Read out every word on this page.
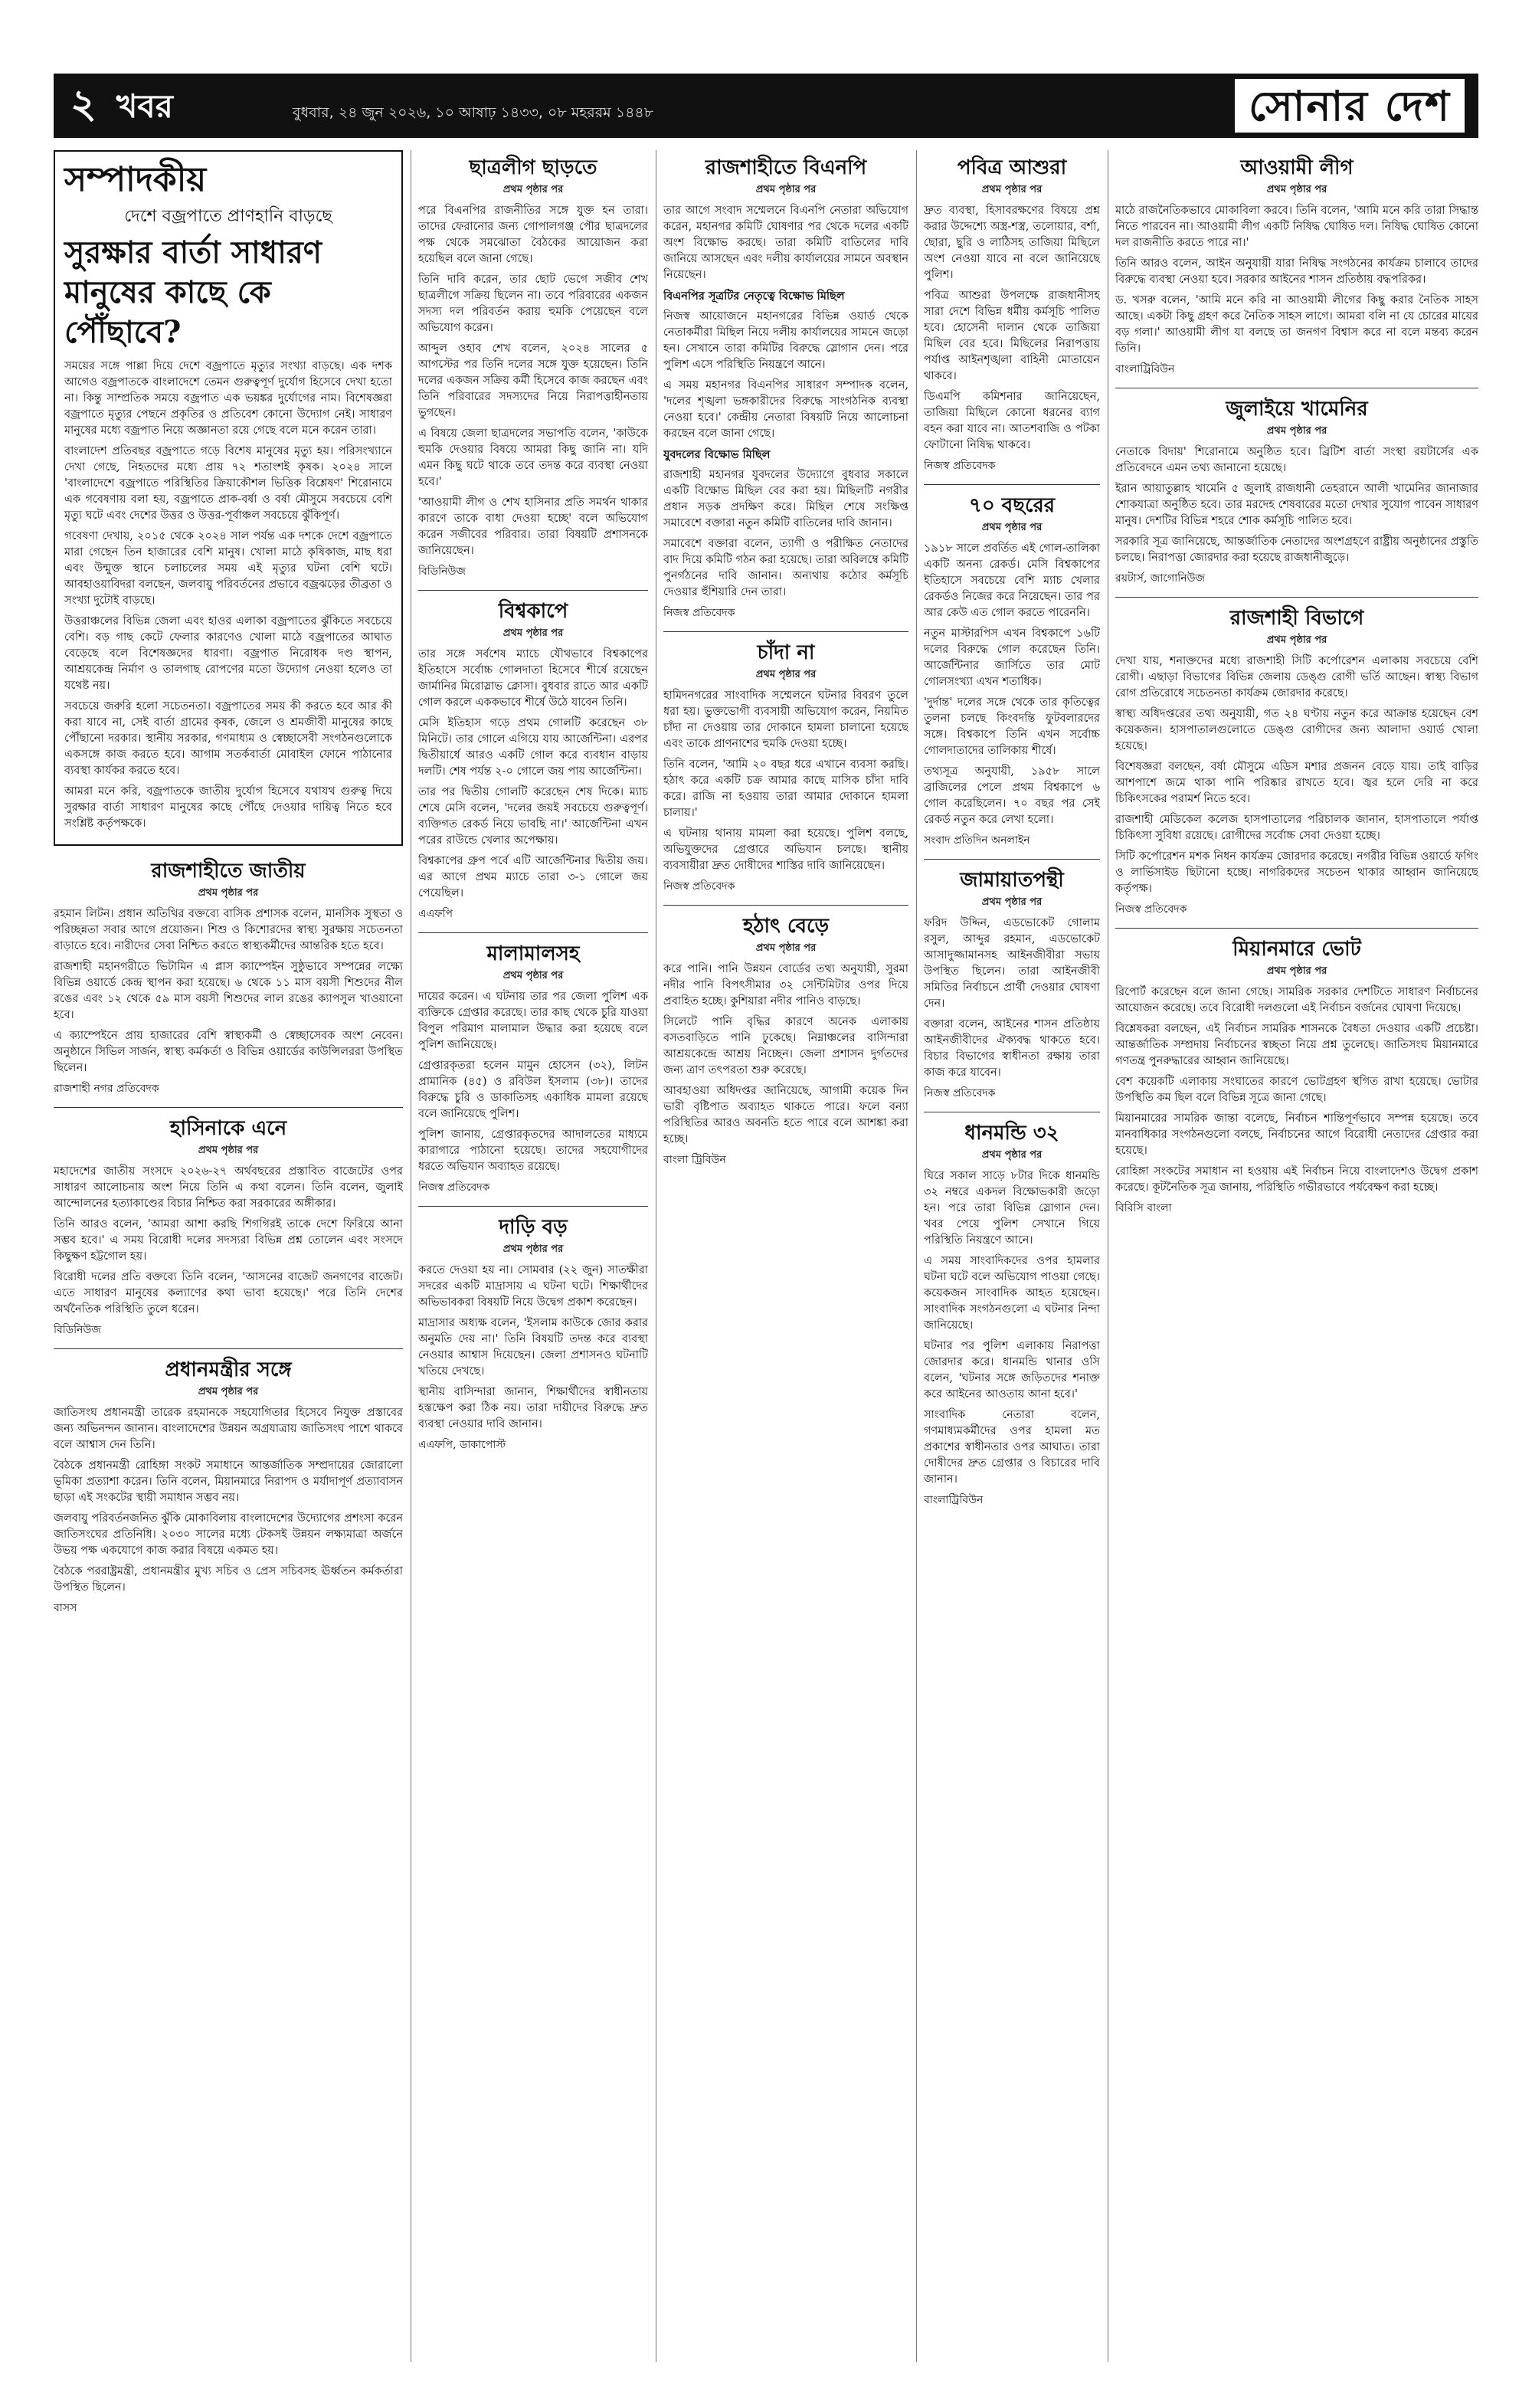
২ খবর	বুধবার, ২৪ জুন ২০২৬, ১০ আষাঢ় ১৪৩৩, ০৮ মহররম ১৪৪৮	সোনার দেশ
সম্পাদকীয়
দেশে বজ্রপাতে প্রাণহানি বাড়ছে
সুরক্ষার বার্তা সাধারণ মানুষের কাছে কে পৌঁছাবে?

সময়ের সঙ্গে পাল্লা দিয়ে দেশে বজ্রপাতে মৃত্যুর সংখ্যা বাড়ছে। এক দশক আগেও বজ্রপাতকে বাংলাদেশে তেমন গুরুত্বপূর্ণ দুর্যোগ হিসেবে দেখা হতো না। কিন্তু সাম্প্রতিক সময়ে বজ্রপাত এক ভয়ঙ্কর দুর্যোগের নাম। বিশেষজ্ঞরা বজ্রপাতে মৃত্যুর পেছনে প্রকৃতির ও প্রতিবেশ কোনো উদ্যোগ নেই। সাধারণ মানুষের মধ্যে বজ্রপাত নিয়ে অজ্ঞানতা রয়ে গেছে বলে মনে করেন তারা।

বাংলাদেশ প্রতিবছর বজ্রপাতে গড়ে বিশেষ মানুষের মৃত্যু হয়। পরিসংখ্যানে দেখা গেছে, নিহতদের মধ্যে প্রায় ৭২ শতাংশই কৃষক। ২০২৪ সালে 'বাংলাদেশে বজ্রপাতে পরিস্থিতির ক্রিয়াকৌশল ভিত্তিক বিশ্লেষণ' শিরোনামে এক গবেষণায় বলা হয়, বজ্রপাতে প্রাক-বর্ষা ও বর্ষা মৌসুমে সবচেয়ে বেশি মৃত্যু ঘটে এবং দেশের উত্তর ও উত্তর-পূর্বাঞ্চল সবচেয়ে ঝুঁকিপূর্ণ।

গবেষণা দেখায়, ২০১৫ থেকে ২০২৪ সাল পর্যন্ত এক দশকে দেশে বজ্রপাতে মারা গেছেন তিন হাজারের বেশি মানুষ। খোলা মাঠে কৃষিকাজ, মাছ ধরা এবং উন্মুক্ত স্থানে চলাচলের সময় এই মৃত্যুর ঘটনা বেশি ঘটে। আবহাওয়াবিদরা বলছেন, জলবায়ু পরিবর্তনের প্রভাবে বজ্রঝড়ের তীব্রতা ও সংখ্যা দুটোই বাড়ছে।

উত্তরাঞ্চলের বিভিন্ন জেলা এবং হাওর এলাকা বজ্রপাতের ঝুঁকিতে সবচেয়ে বেশি। বড় গাছ কেটে ফেলার কারণেও খোলা মাঠে বজ্রপাতের আঘাত বেড়েছে বলে বিশেষজ্ঞদের ধারণা। বজ্রপাত নিরোধক দণ্ড স্থাপন, আশ্রয়কেন্দ্র নির্মাণ ও তালগাছ রোপণের মতো উদ্যোগ নেওয়া হলেও তা যথেষ্ট নয়।

সবচেয়ে জরুরি হলো সচেতনতা। বজ্রপাতের সময় কী করতে হবে আর কী করা যাবে না, সেই বার্তা গ্রামের কৃষক, জেলে ও শ্রমজীবী মানুষের কাছে পৌঁছানো দরকার। স্থানীয় সরকার, গণমাধ্যম ও স্বেচ্ছাসেবী সংগঠনগুলোকে একসঙ্গে কাজ করতে হবে। আগাম সতর্কবার্তা মোবাইল ফোনে পাঠানোর ব্যবস্থা কার্যকর করতে হবে।

আমরা মনে করি, বজ্রপাতকে জাতীয় দুর্যোগ হিসেবে যথাযথ গুরুত্ব দিয়ে সুরক্ষার বার্তা সাধারণ মানুষের কাছে পৌঁছে দেওয়ার দায়িত্ব নিতে হবে সংশ্লিষ্ট কর্তৃপক্ষকে।

রাজশাহীতে জাতীয়
প্রথম পৃষ্ঠার পর

রহমান লিটন। প্রধান অতিথির বক্তব্যে বাসিক প্রশাসক বলেন, মানসিক সুস্থতা ও পরিচ্ছন্নতা সবার আগে প্রয়োজন। শিশু ও কিশোরদের স্বাস্থ্য সুরক্ষায় সচেতনতা বাড়াতে হবে। নারীদের সেবা নিশ্চিত করতে স্বাস্থ্যকর্মীদের আন্তরিক হতে হবে।

রাজশাহী মহানগরীতে ভিটামিন এ প্লাস ক্যাম্পেইন সুষ্ঠুভাবে সম্পন্নের লক্ষ্যে বিভিন্ন ওয়ার্ডে কেন্দ্র স্থাপন করা হয়েছে। ৬ থেকে ১১ মাস বয়সী শিশুদের নীল রঙের এবং ১২ থেকে ৫৯ মাস বয়সী শিশুদের লাল রঙের ক্যাপসুল খাওয়ানো হবে।

এ ক্যাম্পেইনে প্রায় হাজারের বেশি স্বাস্থ্যকর্মী ও স্বেচ্ছাসেবক অংশ নেবেন। অনুষ্ঠানে সিভিল সার্জন, স্বাস্থ্য কর্মকর্তা ও বিভিন্ন ওয়ার্ডের কাউন্সিলররা উপস্থিত ছিলেন।

রাজশাহী নগর প্রতিবেদক
হাসিনাকে এনে
প্রথম পৃষ্ঠার পর

মহাদেশের জাতীয় সংসদে ২০২৬-২৭ অর্থবছরের প্রস্তাবিত বাজেটের ওপর সাধারণ আলোচনায় অংশ নিয়ে তিনি এ কথা বলেন। তিনি বলেন, জুলাই আন্দোলনের হত্যাকাণ্ডের বিচার নিশ্চিত করা সরকারের অঙ্গীকার।

তিনি আরও বলেন, 'আমরা আশা করছি শিগগিরই তাকে দেশে ফিরিয়ে আনা সম্ভব হবে।' এ সময় বিরোধী দলের সদস্যরা বিভিন্ন প্রশ্ন তোলেন এবং সংসদে কিছুক্ষণ হট্টগোল হয়।

বিরোধী দলের প্রতি বক্তব্যে তিনি বলেন, 'আসনের বাজেট জনগণের বাজেট। এতে সাধারণ মানুষের কল্যাণের কথা ভাবা হয়েছে।' পরে তিনি দেশের অর্থনৈতিক পরিস্থিতি তুলে ধরেন।

বিডিনিউজ
প্রধানমন্ত্রীর সঙ্গে
প্রথম পৃষ্ঠার পর

জাতিসংঘ প্রধানমন্ত্রী তারেক রহমানকে সহযোগিতার হিসেবে নিযুক্ত প্রস্তাবের জন্য অভিনন্দন জানান। বাংলাদেশের উন্নয়ন অগ্রযাত্রায় জাতিসংঘ পাশে থাকবে বলে আশ্বাস দেন তিনি।

বৈঠকে প্রধানমন্ত্রী রোহিঙ্গা সংকট সমাধানে আন্তর্জাতিক সম্প্রদায়ের জোরালো ভূমিকা প্রত্যাশা করেন। তিনি বলেন, মিয়ানমারে নিরাপদ ও মর্যাদাপূর্ণ প্রত্যাবাসন ছাড়া এই সংকটের স্থায়ী সমাধান সম্ভব নয়।

জলবায়ু পরিবর্তনজনিত ঝুঁকি মোকাবিলায় বাংলাদেশের উদ্যোগের প্রশংসা করেন জাতিসংঘের প্রতিনিধি। ২০৩০ সালের মধ্যে টেকসই উন্নয়ন লক্ষ্যমাত্রা অর্জনে উভয় পক্ষ একযোগে কাজ করার বিষয়ে একমত হয়।

বৈঠকে পররাষ্ট্রমন্ত্রী, প্রধানমন্ত্রীর মুখ্য সচিব ও প্রেস সচিবসহ ঊর্ধ্বতন কর্মকর্তারা উপস্থিত ছিলেন।

বাসস
ছাত্রলীগ ছাড়তে
প্রথম পৃষ্ঠার পর

পরে বিএনপির রাজনীতির সঙ্গে যুক্ত হন তারা। তাদের ফেরানোর জন্য গোপালগঞ্জ পৌর ছাত্রদলের পক্ষ থেকে সমঝোতা বৈঠকের আয়োজন করা হয়েছিল বলে জানা গেছে।

তিনি দাবি করেন, তার ছোট ভেগে সজীব শেখ ছাত্রলীগে সক্রিয় ছিলেন না। তবে পরিবারের একজন সদস্য দল পরিবর্তন করায় হুমকি পেয়েছেন বলে অভিযোগ করেন।

আব্দুল ওহাব শেখ বলেন, ২০২৪ সালের ৫ আগস্টের পর তিনি দলের সঙ্গে যুক্ত হয়েছেন। তিনি দলের একজন সক্রিয় কর্মী হিসেবে কাজ করছেন এবং তিনি পরিবারের সদস্যদের নিয়ে নিরাপত্তাহীনতায় ভুগছেন।

এ বিষয়ে জেলা ছাত্রদলের সভাপতি বলেন, 'কাউকে হুমকি দেওয়ার বিষয়ে আমরা কিছু জানি না। যদি এমন কিছু ঘটে থাকে তবে তদন্ত করে ব্যবস্থা নেওয়া হবে।'

'আওয়ামী লীগ ও শেখ হাসিনার প্রতি সমর্থন থাকার কারণে তাকে বাধা দেওয়া হচ্ছে' বলে অভিযোগ করেন সজীবের পরিবার। তারা বিষয়টি প্রশাসনকে জানিয়েছেন।

বিডিনিউজ
বিশ্বকাপে
প্রথম পৃষ্ঠার পর

তার সঙ্গে সর্বশেষ ম্যাচে যৌথভাবে বিশ্বকাপের ইতিহাসে সর্বোচ্চ গোলদাতা হিসেবে শীর্ষে রয়েছেন জার্মানির মিরোস্লাভ ক্লোসা। বুধবার রাতে আর একটি গোল করলে এককভাবে শীর্ষে উঠে যাবেন তিনি।

মেসি ইতিহাস গড়ে প্রথম গোলটি করেছেন ৩৮ মিনিটে। তার গোলে এগিয়ে যায় আর্জেন্টিনা। এরপর দ্বিতীয়ার্ধে আরও একটি গোল করে ব্যবধান বাড়ায় দলটি। শেষ পর্যন্ত ২-০ গোলে জয় পায় আর্জেন্টিনা।

তার পর দ্বিতীয় গোলটি করেছেন শেষ দিকে। ম্যাচ শেষে মেসি বলেন, 'দলের জয়ই সবচেয়ে গুরুত্বপূর্ণ। ব্যক্তিগত রেকর্ড নিয়ে ভাবছি না।' আর্জেন্টিনা এখন পরের রাউন্ডে খেলার অপেক্ষায়।

বিশ্বকাপের গ্রুপ পর্বে এটি আর্জেন্টিনার দ্বিতীয় জয়। এর আগে প্রথম ম্যাচে তারা ৩-১ গোলে জয় পেয়েছিল।

এএফপি
মালামালসহ
প্রথম পৃষ্ঠার পর

দায়ের করেন। এ ঘটনায় তার পর জেলা পুলিশ এক ব্যক্তিকে গ্রেপ্তার করেছে। তার কাছ থেকে চুরি যাওয়া বিপুল পরিমাণ মালামাল উদ্ধার করা হয়েছে বলে পুলিশ জানিয়েছে।

গ্রেপ্তারকৃতরা হলেন মামুন হোসেন (৩২), লিটন প্রামানিক (৪৫) ও রবিউল ইসলাম (৩৮)। তাদের বিরুদ্ধে চুরি ও ডাকাতিসহ একাধিক মামলা রয়েছে বলে জানিয়েছে পুলিশ।

পুলিশ জানায়, গ্রেপ্তারকৃতদের আদালতের মাধ্যমে কারাগারে পাঠানো হয়েছে। তাদের সহযোগীদের ধরতে অভিযান অব্যাহত রয়েছে।

নিজস্ব প্রতিবেদক
দাড়ি বড়
প্রথম পৃষ্ঠার পর

করতে দেওয়া হয় না। সোমবার (২২ জুন) সাতক্ষীরা সদরের একটি মাদ্রাসায় এ ঘটনা ঘটে। শিক্ষার্থীদের অভিভাবকরা বিষয়টি নিয়ে উদ্বেগ প্রকাশ করেছেন।

মাদ্রাসার অধ্যক্ষ বলেন, 'ইসলাম কাউকে জোর করার অনুমতি দেয় না।' তিনি বিষয়টি তদন্ত করে ব্যবস্থা নেওয়ার আশ্বাস দিয়েছেন। জেলা প্রশাসনও ঘটনাটি খতিয়ে দেখছে।

স্থানীয় বাসিন্দারা জানান, শিক্ষার্থীদের স্বাধীনতায় হস্তক্ষেপ করা ঠিক নয়। তারা দায়ীদের বিরুদ্ধে দ্রুত ব্যবস্থা নেওয়ার দাবি জানান।

এএফপি, ডাকাপোস্ট
রাজশাহীতে বিএনপি
প্রথম পৃষ্ঠার পর

তার আগে সংবাদ সম্মেলনে বিএনপি নেতারা অভিযোগ করেন, মহানগর কমিটি ঘোষণার পর থেকে দলের একটি অংশ বিক্ষোভ করছে। তারা কমিটি বাতিলের দাবি জানিয়ে আসছেন এবং দলীয় কার্যালয়ের সামনে অবস্থান নিয়েছেন।

বিএনপির সূত্রটির নেতৃত্বে বিক্ষোভ মিছিল

নিজস্ব আয়োজনে মহানগরের বিভিন্ন ওয়ার্ড থেকে নেতাকর্মীরা মিছিল নিয়ে দলীয় কার্যালয়ের সামনে জড়ো হন। সেখানে তারা কমিটির বিরুদ্ধে স্লোগান দেন। পরে পুলিশ এসে পরিস্থিতি নিয়ন্ত্রণে আনে।

এ সময় মহানগর বিএনপির সাধারণ সম্পাদক বলেন, 'দলের শৃঙ্খলা ভঙ্গকারীদের বিরুদ্ধে সাংগঠনিক ব্যবস্থা নেওয়া হবে।' কেন্দ্রীয় নেতারা বিষয়টি নিয়ে আলোচনা করছেন বলে জানা গেছে।

যুবদলের বিক্ষোভ মিছিল

রাজশাহী মহানগর যুবদলের উদ্যোগে বুধবার সকালে একটি বিক্ষোভ মিছিল বের করা হয়। মিছিলটি নগরীর প্রধান সড়ক প্রদক্ষিণ করে। মিছিল শেষে সংক্ষিপ্ত সমাবেশে বক্তারা নতুন কমিটি বাতিলের দাবি জানান।

সমাবেশে বক্তারা বলেন, ত্যাগী ও পরীক্ষিত নেতাদের বাদ দিয়ে কমিটি গঠন করা হয়েছে। তারা অবিলম্বে কমিটি পুনর্গঠনের দাবি জানান। অন্যথায় কঠোর কর্মসূচি দেওয়ার হুঁশিয়ারি দেন তারা।

নিজস্ব প্রতিবেদক
চাঁদা না
প্রথম পৃষ্ঠার পর

হামিদনগরের সাংবাদিক সম্মেলনে ঘটনার বিবরণ তুলে ধরা হয়। ভুক্তভোগী ব্যবসায়ী অভিযোগ করেন, নিয়মিত চাঁদা না দেওয়ায় তার দোকানে হামলা চালানো হয়েছে এবং তাকে প্রাণনাশের হুমকি দেওয়া হচ্ছে।

তিনি বলেন, 'আমি ২০ বছর ধরে এখানে ব্যবসা করছি। হঠাৎ করে একটি চক্র আমার কাছে মাসিক চাঁদা দাবি করে। রাজি না হওয়ায় তারা আমার দোকানে হামলা চালায়।'

এ ঘটনায় থানায় মামলা করা হয়েছে। পুলিশ বলছে, অভিযুক্তদের গ্রেপ্তারে অভিযান চলছে। স্থানীয় ব্যবসায়ীরা দ্রুত দোষীদের শাস্তির দাবি জানিয়েছেন।

নিজস্ব প্রতিবেদক
হঠাৎ বেড়ে
প্রথম পৃষ্ঠার পর

করে পানি। পানি উন্নয়ন বোর্ডের তথ্য অনুযায়ী, সুরমা নদীর পানি বিপৎসীমার ৩২ সেন্টিমিটার ওপর দিয়ে প্রবাহিত হচ্ছে। কুশিয়ারা নদীর পানিও বাড়ছে।

সিলেটে পানি বৃদ্ধির কারণে অনেক এলাকায় বসতবাড়িতে পানি ঢুকেছে। নিম্নাঞ্চলের বাসিন্দারা আশ্রয়কেন্দ্রে আশ্রয় নিচ্ছেন। জেলা প্রশাসন দুর্গতদের জন্য ত্রাণ তৎপরতা শুরু করেছে।

আবহাওয়া অধিদপ্তর জানিয়েছে, আগামী কয়েক দিন ভারী বৃষ্টিপাত অব্যাহত থাকতে পারে। ফলে বন্যা পরিস্থিতির আরও অবনতি হতে পারে বলে আশঙ্কা করা হচ্ছে।

বাংলা ট্রিবিউন
পবিত্র আশুরা
প্রথম পৃষ্ঠার পর

দ্রুত ব্যবস্থা, হিসাবরক্ষণের বিষয়ে প্রশ্ন করার উদ্দেশ্যে অস্ত্র-শস্ত্র, তলোয়ার, বর্শা, ছোরা, ছুরি ও লাঠিসহ তাজিয়া মিছিলে অংশ নেওয়া যাবে না বলে জানিয়েছে পুলিশ।

পবিত্র আশুরা উপলক্ষে রাজধানীসহ সারা দেশে বিভিন্ন ধর্মীয় কর্মসূচি পালিত হবে। হোসেনী দালান থেকে তাজিয়া মিছিল বের হবে। মিছিলের নিরাপত্তায় পর্যাপ্ত আইনশৃঙ্খলা বাহিনী মোতায়েন থাকবে।

ডিএমপি কমিশনার জানিয়েছেন, তাজিয়া মিছিলে কোনো ধরনের ব্যাগ বহন করা যাবে না। আতশবাজি ও পটকা ফোটানো নিষিদ্ধ থাকবে।

নিজস্ব প্রতিবেদক
৭০ বছরের
প্রথম পৃষ্ঠার পর

১৯১৮ সালে প্রবর্তিত এই গোল-তালিকা একটি অনন্য রেকর্ড। মেসি বিশ্বকাপের ইতিহাসে সবচেয়ে বেশি ম্যাচ খেলার রেকর্ডও নিজের করে নিয়েছেন। তার পর আর কেউ এত গোল করতে পারেননি।

নতুন মাস্টারপিস এখন বিশ্বকাপে ১৬টি দলের বিরুদ্ধে গোল করেছেন তিনি। আর্জেন্টিনার জার্সিতে তার মোট গোলসংখ্যা এখন শতাধিক।

'দুর্দান্ত' দলের সঙ্গে থেকে তার কৃতিত্বের তুলনা চলছে কিংবদন্তি ফুটবলারদের সঙ্গে। বিশ্বকাপে তিনি এখন সর্বোচ্চ গোলদাতাদের তালিকায় শীর্ষে।

তথ্যসূত্র অনুযায়ী, ১৯৫৮ সালে ব্রাজিলের পেলে প্রথম বিশ্বকাপে ৬ গোল করেছিলেন। ৭০ বছর পর সেই রেকর্ড নতুন করে লেখা হলো।

সংবাদ প্রতিদিন অনলাইন
জামায়াতপন্থী
প্রথম পৃষ্ঠার পর

ফরিদ উদ্দিন, এডভোকেট গোলাম রসুল, আব্দুর রহমান, এডভোকেট আসাদুজ্জামানসহ আইনজীবীরা সভায় উপস্থিত ছিলেন। তারা আইনজীবী সমিতির নির্বাচনে প্রার্থী দেওয়ার ঘোষণা দেন।

বক্তারা বলেন, আইনের শাসন প্রতিষ্ঠায় আইনজীবীদের ঐক্যবদ্ধ থাকতে হবে। বিচার বিভাগের স্বাধীনতা রক্ষায় তারা কাজ করে যাবেন।

নিজস্ব প্রতিবেদক
ধানমন্ডি ৩২
প্রথম পৃষ্ঠার পর

ঘিরে সকাল সাড়ে ৮টার দিকে ধানমন্ডি ৩২ নম্বরে একদল বিক্ষোভকারী জড়ো হন। পরে তারা বিভিন্ন স্লোগান দেন। খবর পেয়ে পুলিশ সেখানে গিয়ে পরিস্থিতি নিয়ন্ত্রণে আনে।

এ সময় সাংবাদিকদের ওপর হামলার ঘটনা ঘটে বলে অভিযোগ পাওয়া গেছে। কয়েকজন সাংবাদিক আহত হয়েছেন। সাংবাদিক সংগঠনগুলো এ ঘটনার নিন্দা জানিয়েছে।

ঘটনার পর পুলিশ এলাকায় নিরাপত্তা জোরদার করে। ধানমন্ডি থানার ওসি বলেন, 'ঘটনার সঙ্গে জড়িতদের শনাক্ত করে আইনের আওতায় আনা হবে।'

সাংবাদিক নেতারা বলেন, গণমাধ্যমকর্মীদের ওপর হামলা মত প্রকাশের স্বাধীনতার ওপর আঘাত। তারা দোষীদের দ্রুত গ্রেপ্তার ও বিচারের দাবি জানান।

বাংলাট্রিবিউন
আওয়ামী লীগ
প্রথম পৃষ্ঠার পর

মাঠে রাজনৈতিকভাবে মোকাবিলা করবে। তিনি বলেন, 'আমি মনে করি তারা সিদ্ধান্ত নিতে পারবেন না। আওয়ামী লীগ একটি নিষিদ্ধ ঘোষিত দল। নিষিদ্ধ ঘোষিত কোনো দল রাজনীতি করতে পারে না।'

তিনি আরও বলেন, আইন অনুযায়ী যারা নিষিদ্ধ সংগঠনের কার্যক্রম চালাবে তাদের বিরুদ্ধে ব্যবস্থা নেওয়া হবে। সরকার আইনের শাসন প্রতিষ্ঠায় বদ্ধপরিকর।

ড. খসরু বলেন, 'আমি মনে করি না আওয়ামী লীগের কিছু করার নৈতিক সাহস আছে। একটা কিছু গ্রহণ করে নৈতিক সাহস লাগে। আমরা বলি না যে চোরের মায়ের বড় গলা।' আওয়ামী লীগ যা বলছে তা জনগণ বিশ্বাস করে না বলে মন্তব্য করেন তিনি।

বাংলাট্রিবিউন
জুলাইয়ে খামেনির
প্রথম পৃষ্ঠার পর

নেতাকে বিদায়' শিরোনামে অনুষ্ঠিত হবে। ব্রিটিশ বার্তা সংস্থা রয়টার্সের এক প্রতিবেদনে এমন তথ্য জানানো হয়েছে।

ইরান আয়াতুল্লাহ খামেনি ৫ জুলাই রাজধানী তেহরানে আলী খামেনির জানাজার শোকযাত্রা অনুষ্ঠিত হবে। তার মরদেহ শেষবারের মতো দেখার সুযোগ পাবেন সাধারণ মানুষ। দেশটির বিভিন্ন শহরে শোক কর্মসূচি পালিত হবে।

সরকারি সূত্র জানিয়েছে, আন্তর্জাতিক নেতাদের অংশগ্রহণে রাষ্ট্রীয় অনুষ্ঠানের প্রস্তুতি চলছে। নিরাপত্তা জোরদার করা হয়েছে রাজধানীজুড়ে।

রয়টার্স, জাগোনিউজ
রাজশাহী বিভাগে
প্রথম পৃষ্ঠার পর

দেখা যায়, শনাক্তদের মধ্যে রাজশাহী সিটি কর্পোরেশন এলাকায় সবচেয়ে বেশি রোগী। এছাড়া বিভাগের বিভিন্ন জেলায় ডেঙ্গু রোগী ভর্তি আছেন। স্বাস্থ্য বিভাগ রোগ প্রতিরোধে সচেতনতা কার্যক্রম জোরদার করেছে।

স্বাস্থ্য অধিদপ্তরের তথ্য অনুযায়ী, গত ২৪ ঘণ্টায় নতুন করে আক্রান্ত হয়েছেন বেশ কয়েকজন। হাসপাতালগুলোতে ডেঙ্গু রোগীদের জন্য আলাদা ওয়ার্ড খোলা হয়েছে।

বিশেষজ্ঞরা বলছেন, বর্ষা মৌসুমে এডিস মশার প্রজনন বেড়ে যায়। তাই বাড়ির আশপাশে জমে থাকা পানি পরিষ্কার রাখতে হবে। জ্বর হলে দেরি না করে চিকিৎসকের পরামর্শ নিতে হবে।

রাজশাহী মেডিকেল কলেজ হাসপাতালের পরিচালক জানান, হাসপাতালে পর্যাপ্ত চিকিৎসা সুবিধা রয়েছে। রোগীদের সর্বোচ্চ সেবা দেওয়া হচ্ছে।

সিটি কর্পোরেশন মশক নিধন কার্যক্রম জোরদার করেছে। নগরীর বিভিন্ন ওয়ার্ডে ফগিং ও লার্ভিসাইড ছিটানো হচ্ছে। নাগরিকদের সচেতন থাকার আহ্বান জানিয়েছে কর্তৃপক্ষ।

নিজস্ব প্রতিবেদক
মিয়ানমারে ভোট
প্রথম পৃষ্ঠার পর

রিপোর্ট করেছেন বলে জানা গেছে। সামরিক সরকার দেশটিতে সাধারণ নির্বাচনের আয়োজন করেছে। তবে বিরোধী দলগুলো এই নির্বাচন বর্জনের ঘোষণা দিয়েছে।

বিশ্লেষকরা বলছেন, এই নির্বাচন সামরিক শাসনকে বৈধতা দেওয়ার একটি প্রচেষ্টা। আন্তর্জাতিক সম্প্রদায় নির্বাচনের স্বচ্ছতা নিয়ে প্রশ্ন তুলেছে। জাতিসংঘ মিয়ানমারে গণতন্ত্র পুনরুদ্ধারের আহ্বান জানিয়েছে।

বেশ কয়েকটি এলাকায় সংঘাতের কারণে ভোটগ্রহণ স্থগিত রাখা হয়েছে। ভোটার উপস্থিতি কম ছিল বলে বিভিন্ন সূত্রে জানা গেছে।

মিয়ানমারের সামরিক জান্তা বলেছে, নির্বাচন শান্তিপূর্ণভাবে সম্পন্ন হয়েছে। তবে মানবাধিকার সংগঠনগুলো বলছে, নির্বাচনের আগে বিরোধী নেতাদের গ্রেপ্তার করা হয়েছে।

রোহিঙ্গা সংকটের সমাধান না হওয়ায় এই নির্বাচন নিয়ে বাংলাদেশও উদ্বেগ প্রকাশ করেছে। কূটনৈতিক সূত্র জানায়, পরিস্থিতি গভীরভাবে পর্যবেক্ষণ করা হচ্ছে।

বিবিসি বাংলা
